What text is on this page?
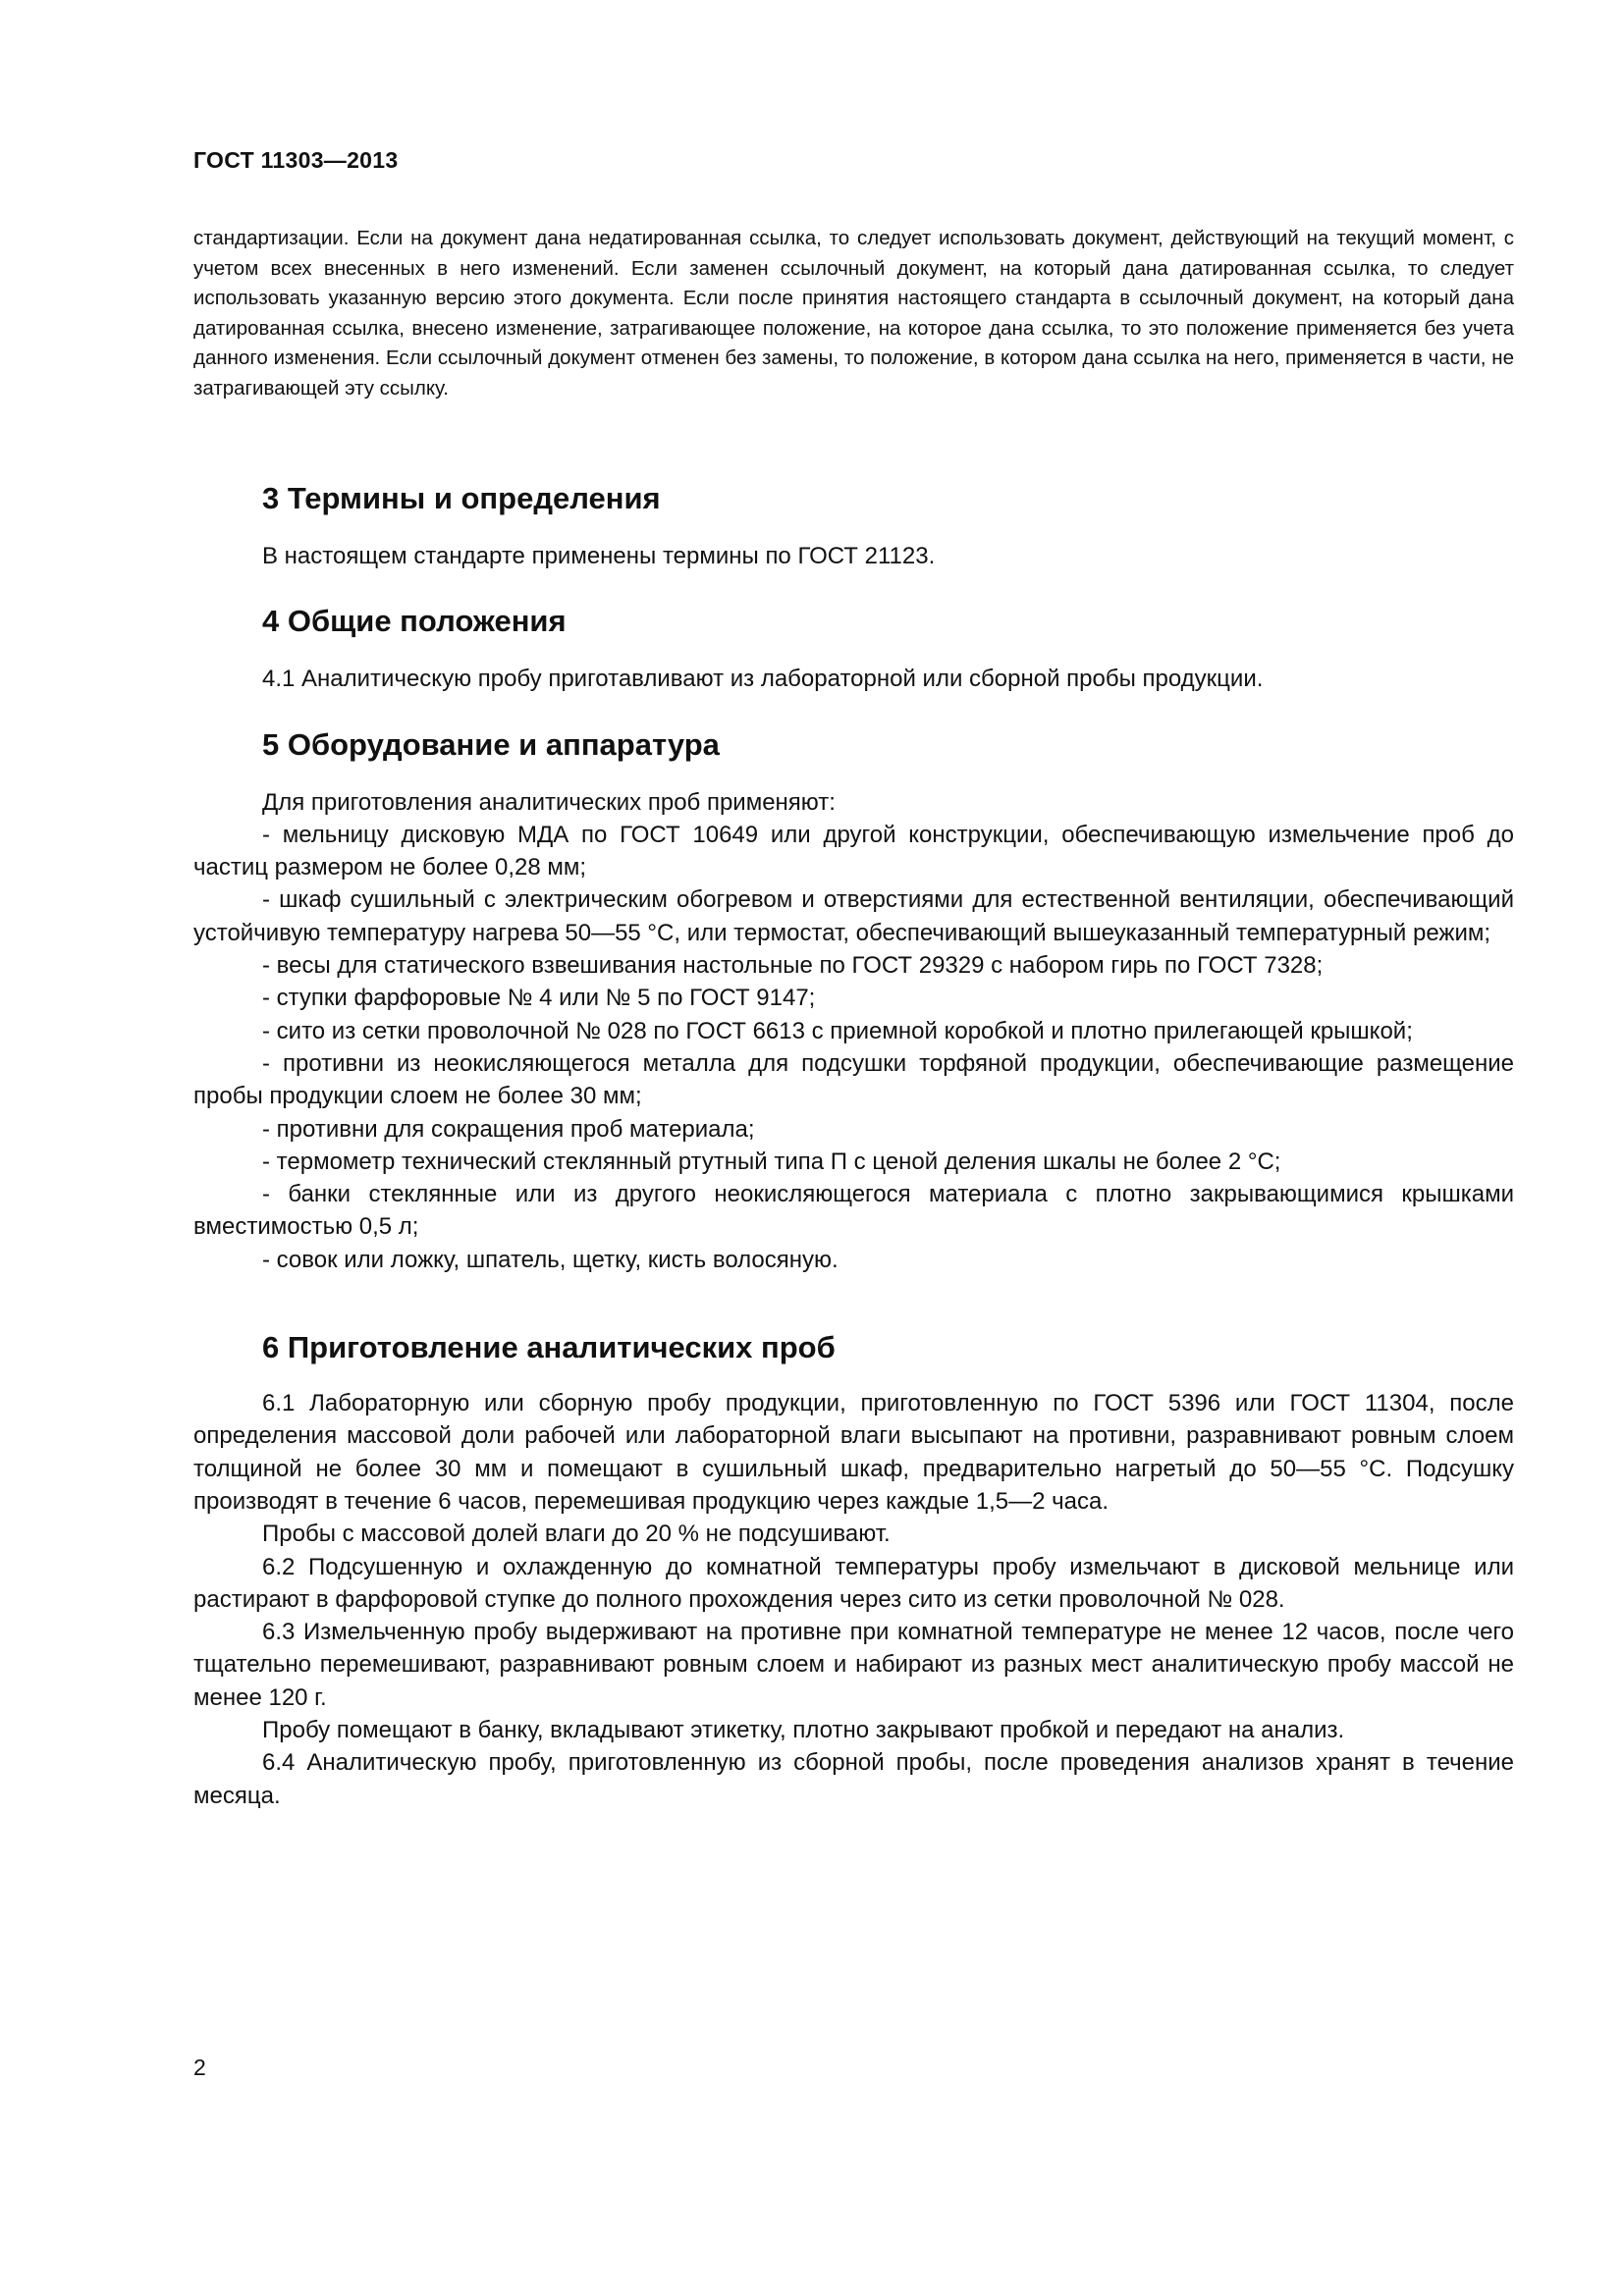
ГОСТ 11303—2013

стандартизации. Если на документ дана недатированная ссылка, то следует использовать документ, действующий на текущий момент, с учетом всех внесенных в него изменений. Если заменен ссылочный документ, на который дана датированная ссылка, то следует использовать указанную версию этого документа. Если после принятия настоящего стандарта в ссылочный документ, на который дана датированная ссылка, внесено изменение, затрагивающее положение, на которое дана ссылка, то это положение применяется без учета данного изменения. Если ссылочный документ отменен без замены, то положение, в котором дана ссылка на него, применяется в части, не затрагивающей эту ссылку.

3 Термины и определения

В настоящем стандарте применены термины по ГОСТ 21123.

4 Общие положения

4.1 Аналитическую пробу приготавливают из лабораторной или сборной пробы продукции.

5 Оборудование и аппаратура

Для приготовления аналитических проб применяют:

- мельницу дисковую МДА по ГОСТ 10649 или другой конструкции, обеспечивающую измельчение проб до частиц размером не более 0,28 мм;

- шкаф сушильный с электрическим обогревом и отверстиями для естественной вентиляции, обеспечивающий устойчивую температуру нагрева 50—55 °С, или термостат, обеспечивающий вышеуказанный температурный режим;

- весы для статического взвешивания настольные по ГОСТ 29329 с набором гирь по ГОСТ 7328;

- ступки фарфоровые № 4 или № 5 по ГОСТ 9147;

- сито из сетки проволочной № 028 по ГОСТ 6613 с приемной коробкой и плотно прилегающей крышкой;

- противни из неокисляющегося металла для подсушки торфяной продукции, обеспечивающие размещение пробы продукции слоем не более 30 мм;

- противни для сокращения проб материала;

- термометр технический стеклянный ртутный типа П с ценой деления шкалы не более 2 °С;

- банки стеклянные или из другого неокисляющегося материала с плотно закрывающимися крышками вместимостью 0,5 л;

- совок или ложку, шпатель, щетку, кисть волосяную.

6 Приготовление аналитических проб

6.1 Лабораторную или сборную пробу продукции, приготовленную по ГОСТ 5396 или ГОСТ 11304, после определения массовой доли рабочей или лабораторной влаги высыпают на противни, разравнивают ровным слоем толщиной не более 30 мм и помещают в сушильный шкаф, предварительно нагретый до 50—55 °С. Подсушку производят в течение 6 часов, перемешивая продукцию через каждые 1,5—2 часа.

Пробы с массовой долей влаги до 20 % не подсушивают.

6.2 Подсушенную и охлажденную до комнатной температуры пробу измельчают в дисковой мельнице или растирают в фарфоровой ступке до полного прохождения через сито из сетки проволочной № 028.

6.3 Измельченную пробу выдерживают на противне при комнатной температуре не менее 12 часов, после чего тщательно перемешивают, разравнивают ровным слоем и набирают из разных мест аналитическую пробу массой не менее 120 г.

Пробу помещают в банку, вкладывают этикетку, плотно закрывают пробкой и передают на анализ.

6.4 Аналитическую пробу, приготовленную из сборной пробы, после проведения анализов хранят в течение месяца.

2
